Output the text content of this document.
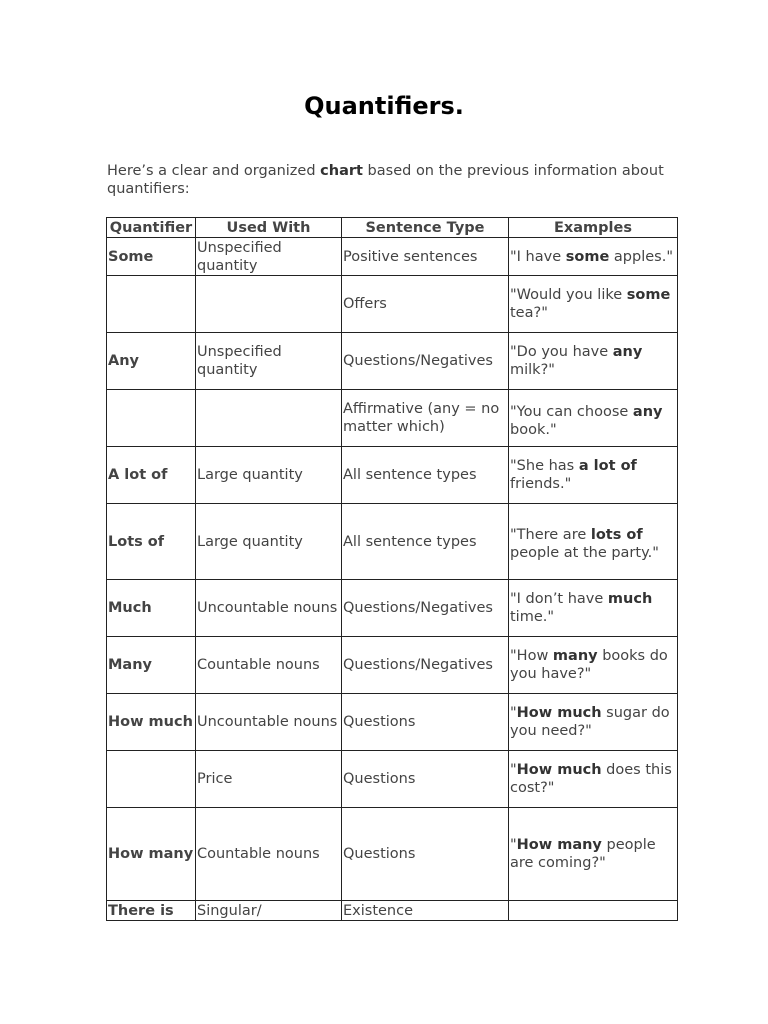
Quantifiers.

Here’s a clear and organized chart based on the previous information about quantifiers:

Quantifier	Used With	Sentence Type	Examples
Some	Unspecified quantity	Positive sentences	"I have some apples."
		Offers	"Would you like some tea?"
Any	Unspecified quantity	Questions/Negatives	"Do you have any milk?"
		Affirmative (any = no matter which)	"You can choose any book."
A lot of	Large quantity	All sentence types	"She has a lot of friends."
Lots of	Large quantity	All sentence types	"There are lots of people at the party."
Much	Uncountable nouns	Questions/Negatives	"I don’t have much time."
Many	Countable nouns	Questions/Negatives	"How many books do you have?"
How much	Uncountable nouns	Questions	"How much sugar do you need?"
	Price	Questions	"How much does this cost?"
How many	Countable nouns	Questions	"How many people are coming?"
There is	Singular/	Existence	
